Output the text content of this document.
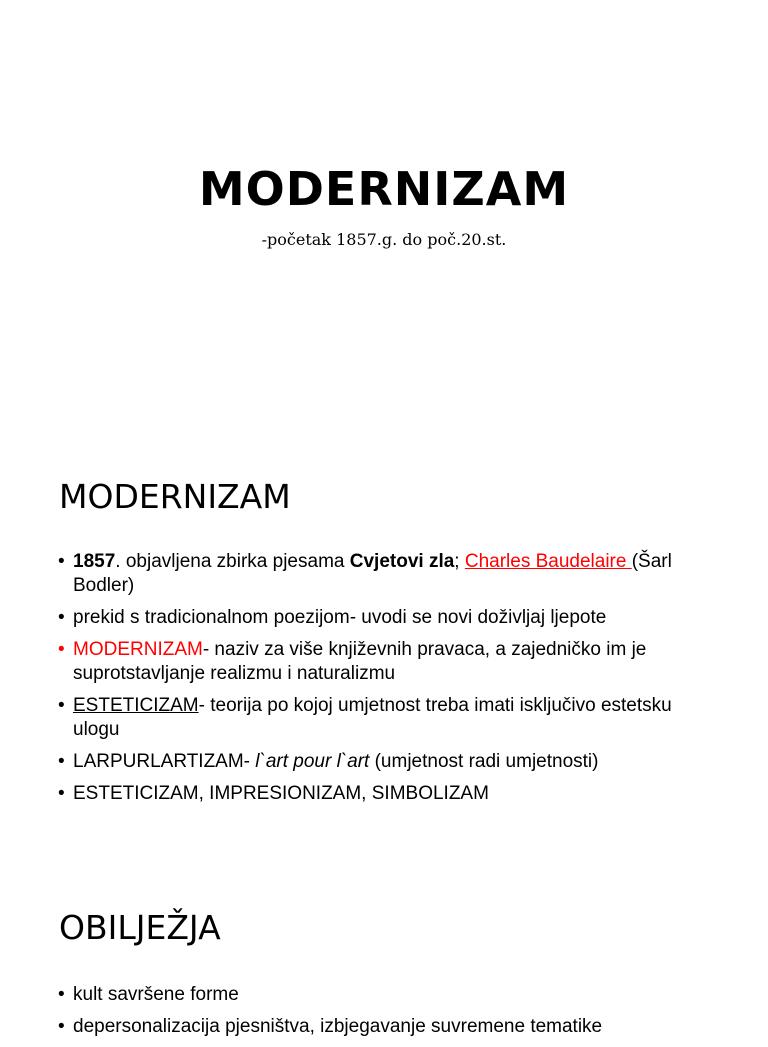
MODERNIZAM

-početak 1857.g. do poč.20.st.

MODERNIZAM
• 1857. objavljena zbirka pjesama Cvjetovi zla; Charles Baudelaire (Šarl Bodler)
• prekid s tradicionalnom poezijom- uvodi se novi doživljaj ljepote
• MODERNIZAM- naziv za više književnih pravaca, a zajedničko im je suprotstavljanje realizmu i naturalizmu
• ESTETICIZAM- teorija po kojoj umjetnost treba imati isključivo estetsku ulogu
• LARPURLARTIZAM- l`art pour l`art (umjetnost radi umjetnosti)
• ESTETICIZAM, IMPRESIONIZAM, SIMBOLIZAM
OBILJEŽJA
• kult savršene forme
• depersonalizacija pjesništva, izbjegavanje suvremene tematike
